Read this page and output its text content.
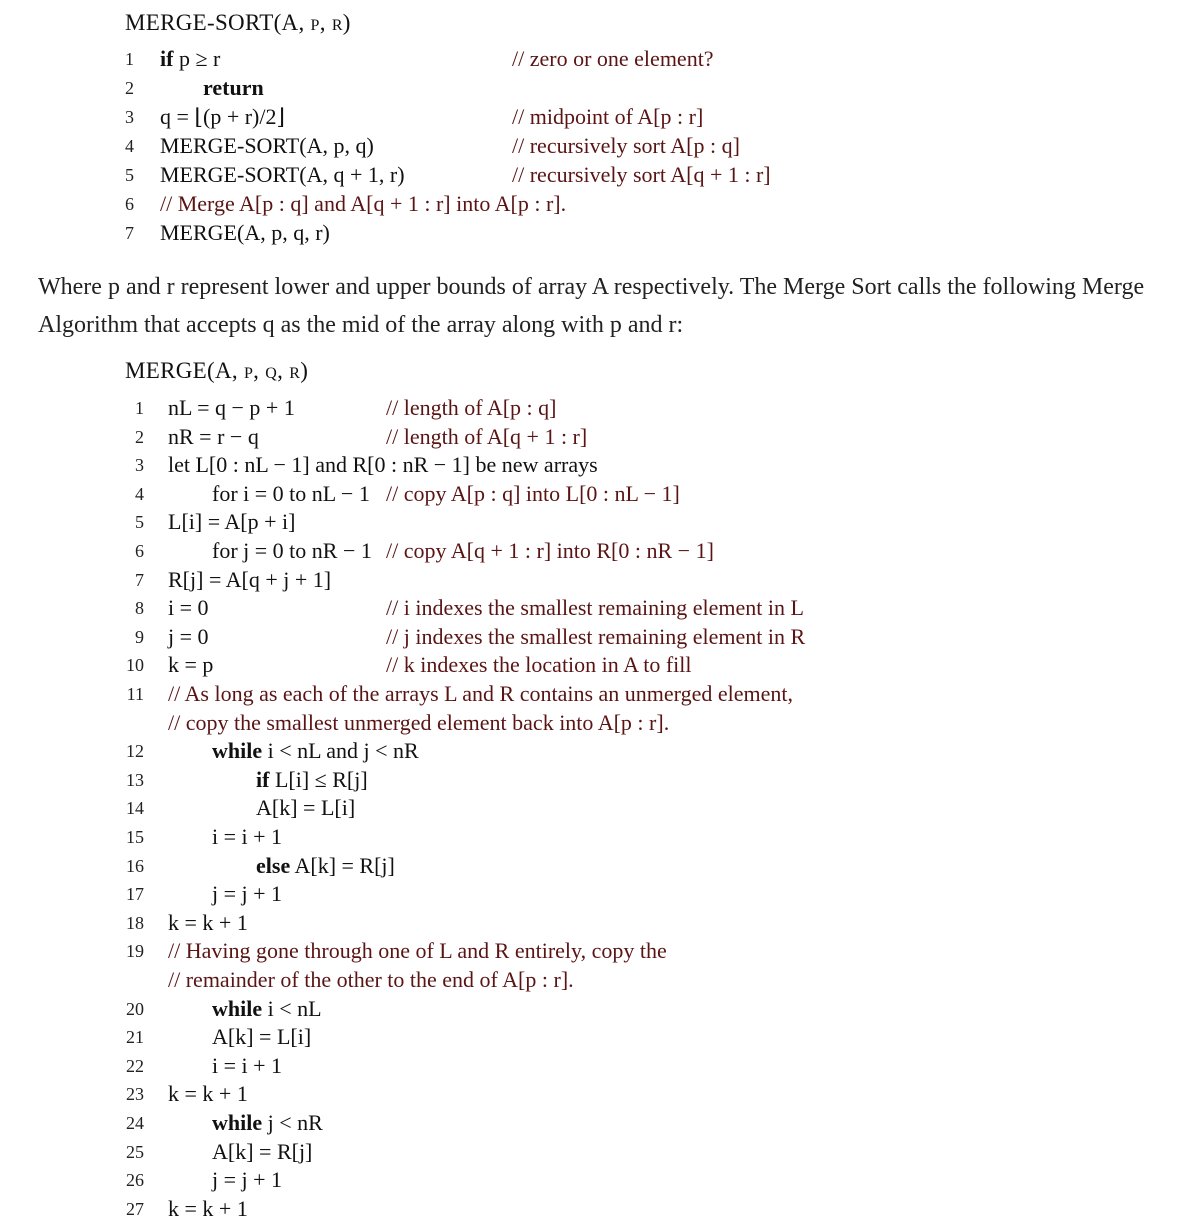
MERGE-SORT(A, p, r)
1 if p ≥ r	// zero or one element?
2	return
3 q = ⌊(p + r)/2⌋	// midpoint of A[p : r]
4 MERGE-SORT(A, p, q)	// recursively sort A[p : q]
5 MERGE-SORT(A, q + 1, r)	// recursively sort A[q + 1 : r]
6 // Merge A[p : q] and A[q + 1 : r] into A[p : r].
7 MERGE(A, p, q, r)
Where p and r represent lower and upper bounds of array A respectively. The Merge Sort calls the following Merge Algorithm that accepts q as the mid of the array along with p and r:
MERGE(A, p, q, r)
1 nL = q − p + 1	// length of A[p : q]
2 nR = r − q	// length of A[q + 1 : r]
3 let L[0 : nL − 1] and R[0 : nR − 1] be new arrays
4	for i = 0 to nL − 1 // copy A[p : q] into L[0 : nL − 1]
5 L[i] = A[p + i]
6	for j = 0 to nR − 1 // copy A[q + 1 : r] into R[0 : nR − 1]
7 R[j] = A[q + j + 1]
8 i = 0	// i indexes the smallest remaining element in L
9 j = 0	// j indexes the smallest remaining element in R
10 k = p	// k indexes the location in A to fill
11 // As long as each of the arrays L and R contains an unmerged element,
// copy the smallest unmerged element back into A[p : r].
12	while i < nL and j < nR
13	if L[i] ≤ R[j]
14	A[k] = L[i]
15	i = i + 1
16	else A[k] = R[j]
17	j = j + 1
18 k = k + 1
19 // Having gone through one of L and R entirely, copy the
// remainder of the other to the end of A[p : r].
20	while i < nL
21	A[k] = L[i]
22	i = i + 1
23 k = k + 1
24	while j < nR
25	A[k] = R[j]
26	j = j + 1
27 k = k + 1
